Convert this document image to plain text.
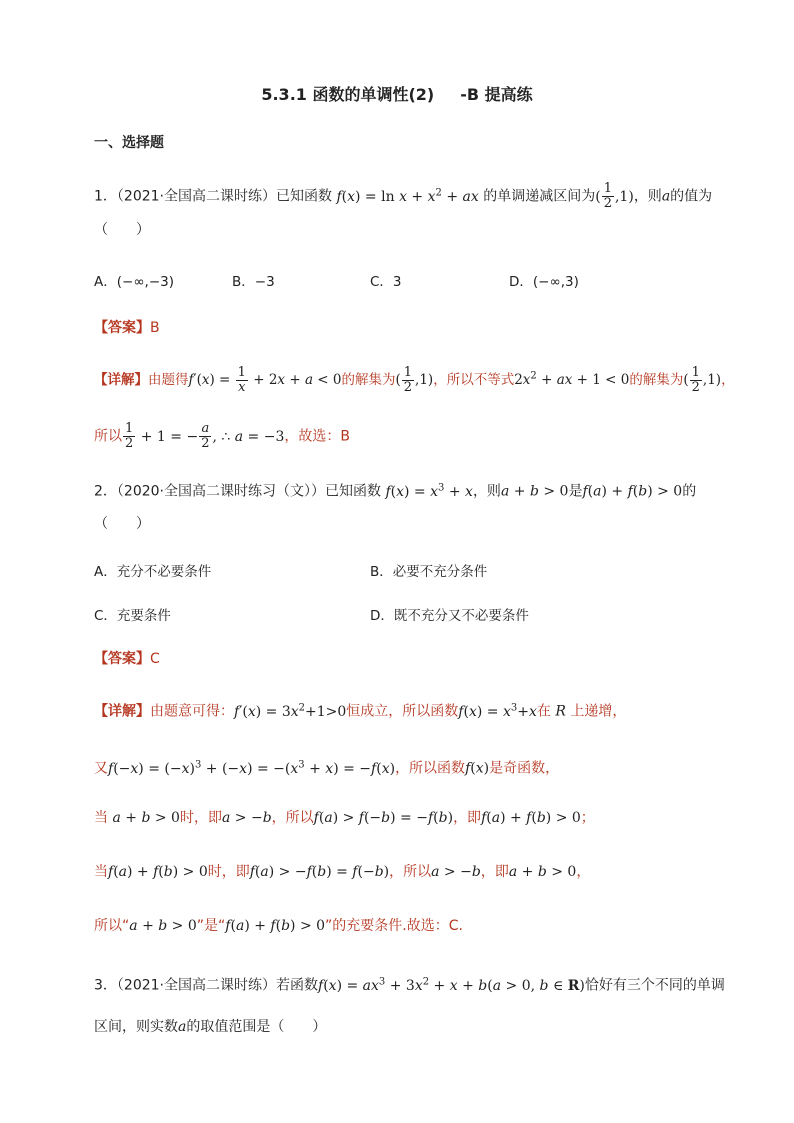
5.3.1 函数的单调性(2) -B 提高练
一、选择题
1．（2021·全国高二课时练）已知函数 $f(x) = \ln x + x^2$ + ax 的单调递减区间为( $\frac{1}{2} ,1$)，则a的值为
（　　）
A．(−∞,−3)	B．−3	C．3	D．(−∞,3)
【答案】B
【详解】由题得$f'(x) = \frac{1}{x} + 2x + a < 0$的解集为( $\frac{1}{2} ,1$)，所以不等式$2x^2$ + ax + 1 < 0的解集为( $\frac{1}{2} ,1$)，
所以 $\frac{1}{2} + 1$ = − $\frac{a}{2}$ , ∴ a = −3，故选：B
2．（2020·全国高二课时练习（文））已知函数 $f(x) = x^3 + x$，则a + b > 0是f(a) + f(b) > 0的
（　　）
A．充分不必要条件	B．必要不充分条件
C．充要条件	D．既不充分又不必要条件
【答案】C
【详解】由题意可得：$f'(x) = 3x^2+1>0$恒成立，所以函数$f(x) = x^3+x$在 R 上递增，
又$f(-x) = (-x)^3 + (-x) = -(x^3 + x) = -f(x)$，所以函数f(x)是奇函数，
当 a + b > 0时，即a > −b，所以f(a) > f(−b) = −f(b)，即f(a) + f(b) > 0；
当f(a) + f(b) > 0时，即f(a) > −f(b) = f(−b)，所以a > −b，即a + b > 0，
所以“a + b > 0”是“f(a) + f(b) > 0”的充要条件.故选：C.
3．（2021·全国高二课时练）若函数$f(x) = ax^3 + 3x^2 + x + b(a > 0$, b ∈ R)恰好有三个不同的单调
区间，则实数a的取值范围是（　　）
